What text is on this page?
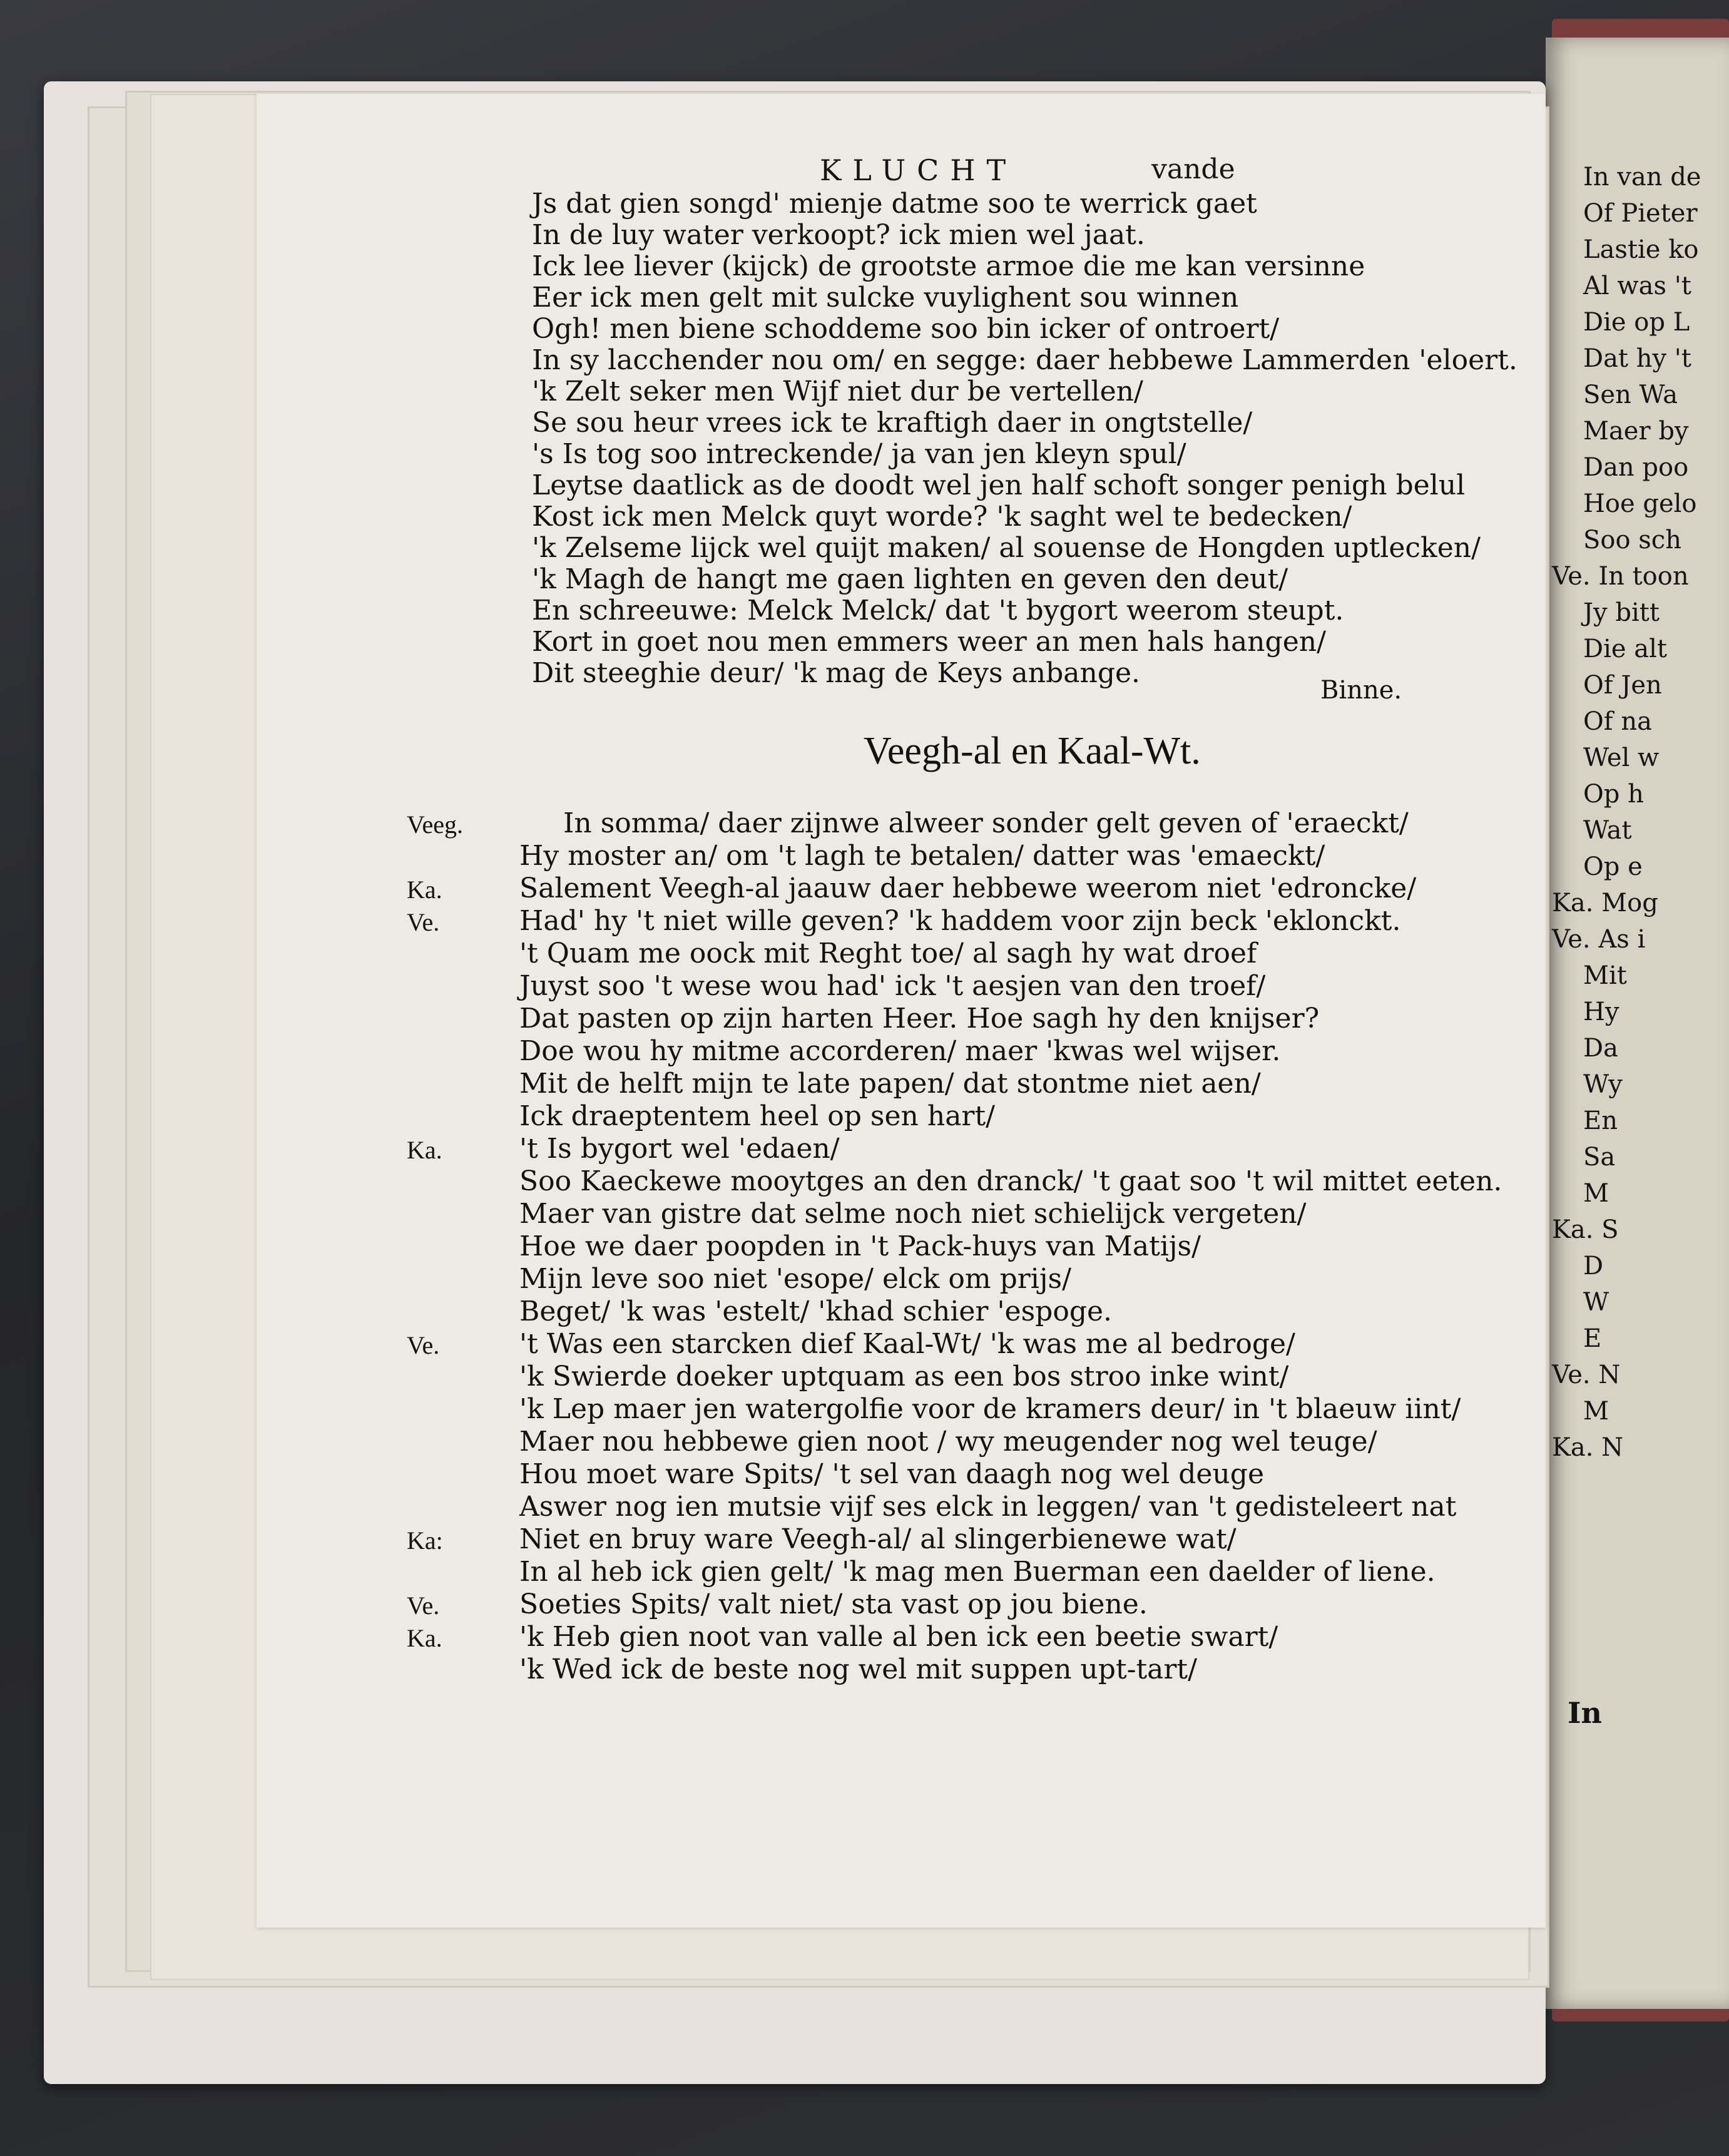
In van de
Of Pieter
Lastie ko
Al was 't
Die op L
Dat hy 't
Sen Wa
Maer by
Dan poo
Hoe gelo
Soo sch
Ve. In toon
Jy bitt
Die alt
Of Jen
Of na
Wel w
Op h
Wat
Op e
Ka. Mog
Ve. As i
Mit
Hy
Da
Wy
En
Sa
M
Ka. S
D
W
E
Ve. N
M
Ka. N
KLUCHT	vande
Js dat gien songd' mienje datme soo te werrick gaet
In de luy water verkoopt? ick mien wel jaat.
Ick lee liever (kijck) de grootste armoe die me kan versinne
Eer ick men gelt mit sulcke vuylighent sou winnen
Ogh! men biene schoddeme soo bin icker of ontroert/
In sy lacchender nou om/ en segge: daer hebbewe Lammerden 'eloert.
'k Zelt seker men Wijf niet dur be vertellen/
Se sou heur vrees ick te kraftigh daer in ongtstelle/
's Is tog soo intreckende/ ja van jen kleyn spul/
Leytse daatlick as de doodt wel jen half schoft songer penigh belul
Kost ick men Melck quyt worde? 'k saght wel te bedecken/
'k Zelseme lijck wel quijt maken/ al souense de Hongden uptlecken/
'k Magh de hangt me gaen lighten en geven den deut/
En schreeuwe: Melck Melck/ dat 't bygort weerom steupt.
Kort in goet nou men emmers weer an men hals hangen/
Dit steeghie deur/ 'k mag de Keys anbange.
Binne.
Veegh-al en Kaal-Wt.
Veeg.	In somma/ daer zijnwe alweer sonder gelt geven of 'eraeckt/
Hy moster an/ om 't lagh te betalen/ datter was 'emaeckt/
Ka.	Salement Veegh-al jaauw daer hebbewe weerom niet 'edroncke/
Ve.	Had' hy 't niet wille geven? 'k haddem voor zijn beck 'eklonckt.
't Quam me oock mit Reght toe/ al sagh hy wat droef
Juyst soo 't wese wou had' ick 't aesjen van den troef/
Dat pasten op zijn harten Heer. Hoe sagh hy den knijser?
Doe wou hy mitme accorderen/ maer 'kwas wel wijser.
Mit de helft mijn te late papen/ dat stontme niet aen/
Ick draeptentem heel op sen hart/
Ka.	't Is bygort wel 'edaen/
Soo Kaeckewe mooytges an den dranck/ 't gaat soo 't wil mittet eeten.
Maer van gistre dat selme noch niet schielijck vergeten/
Hoe we daer poopden in 't Pack-huys van Matijs/
Mijn leve soo niet 'esope/ elck om prijs/
Beget/ 'k was 'estelt/ 'khad schier 'espoge.
Ve.	't Was een starcken dief Kaal-Wt/ 'k was me al bedroge/
'k Swierde doeker uptquam as een bos stroo inke wint/
'k Lep maer jen watergolfie voor de kramers deur/ in 't blaeuw iint/
Maer nou hebbewe gien noot / wy meugender nog wel teuge/
Hou moet ware Spits/ 't sel van daagh nog wel deuge
Aswer nog ien mutsie vijf ses elck in leggen/ van 't gedisteleert nat
Ka:	Niet en bruy ware Veegh-al/ al slingerbienewe wat/
In al heb ick gien gelt/ 'k mag men Buerman een daelder of liene.
Ve.	Soeties Spits/ valt niet/ sta vast op jou biene.
Ka.	'k Heb gien noot van valle al ben ick een beetie swart/
'k Wed ick de beste nog wel mit suppen upt-tart/
In
